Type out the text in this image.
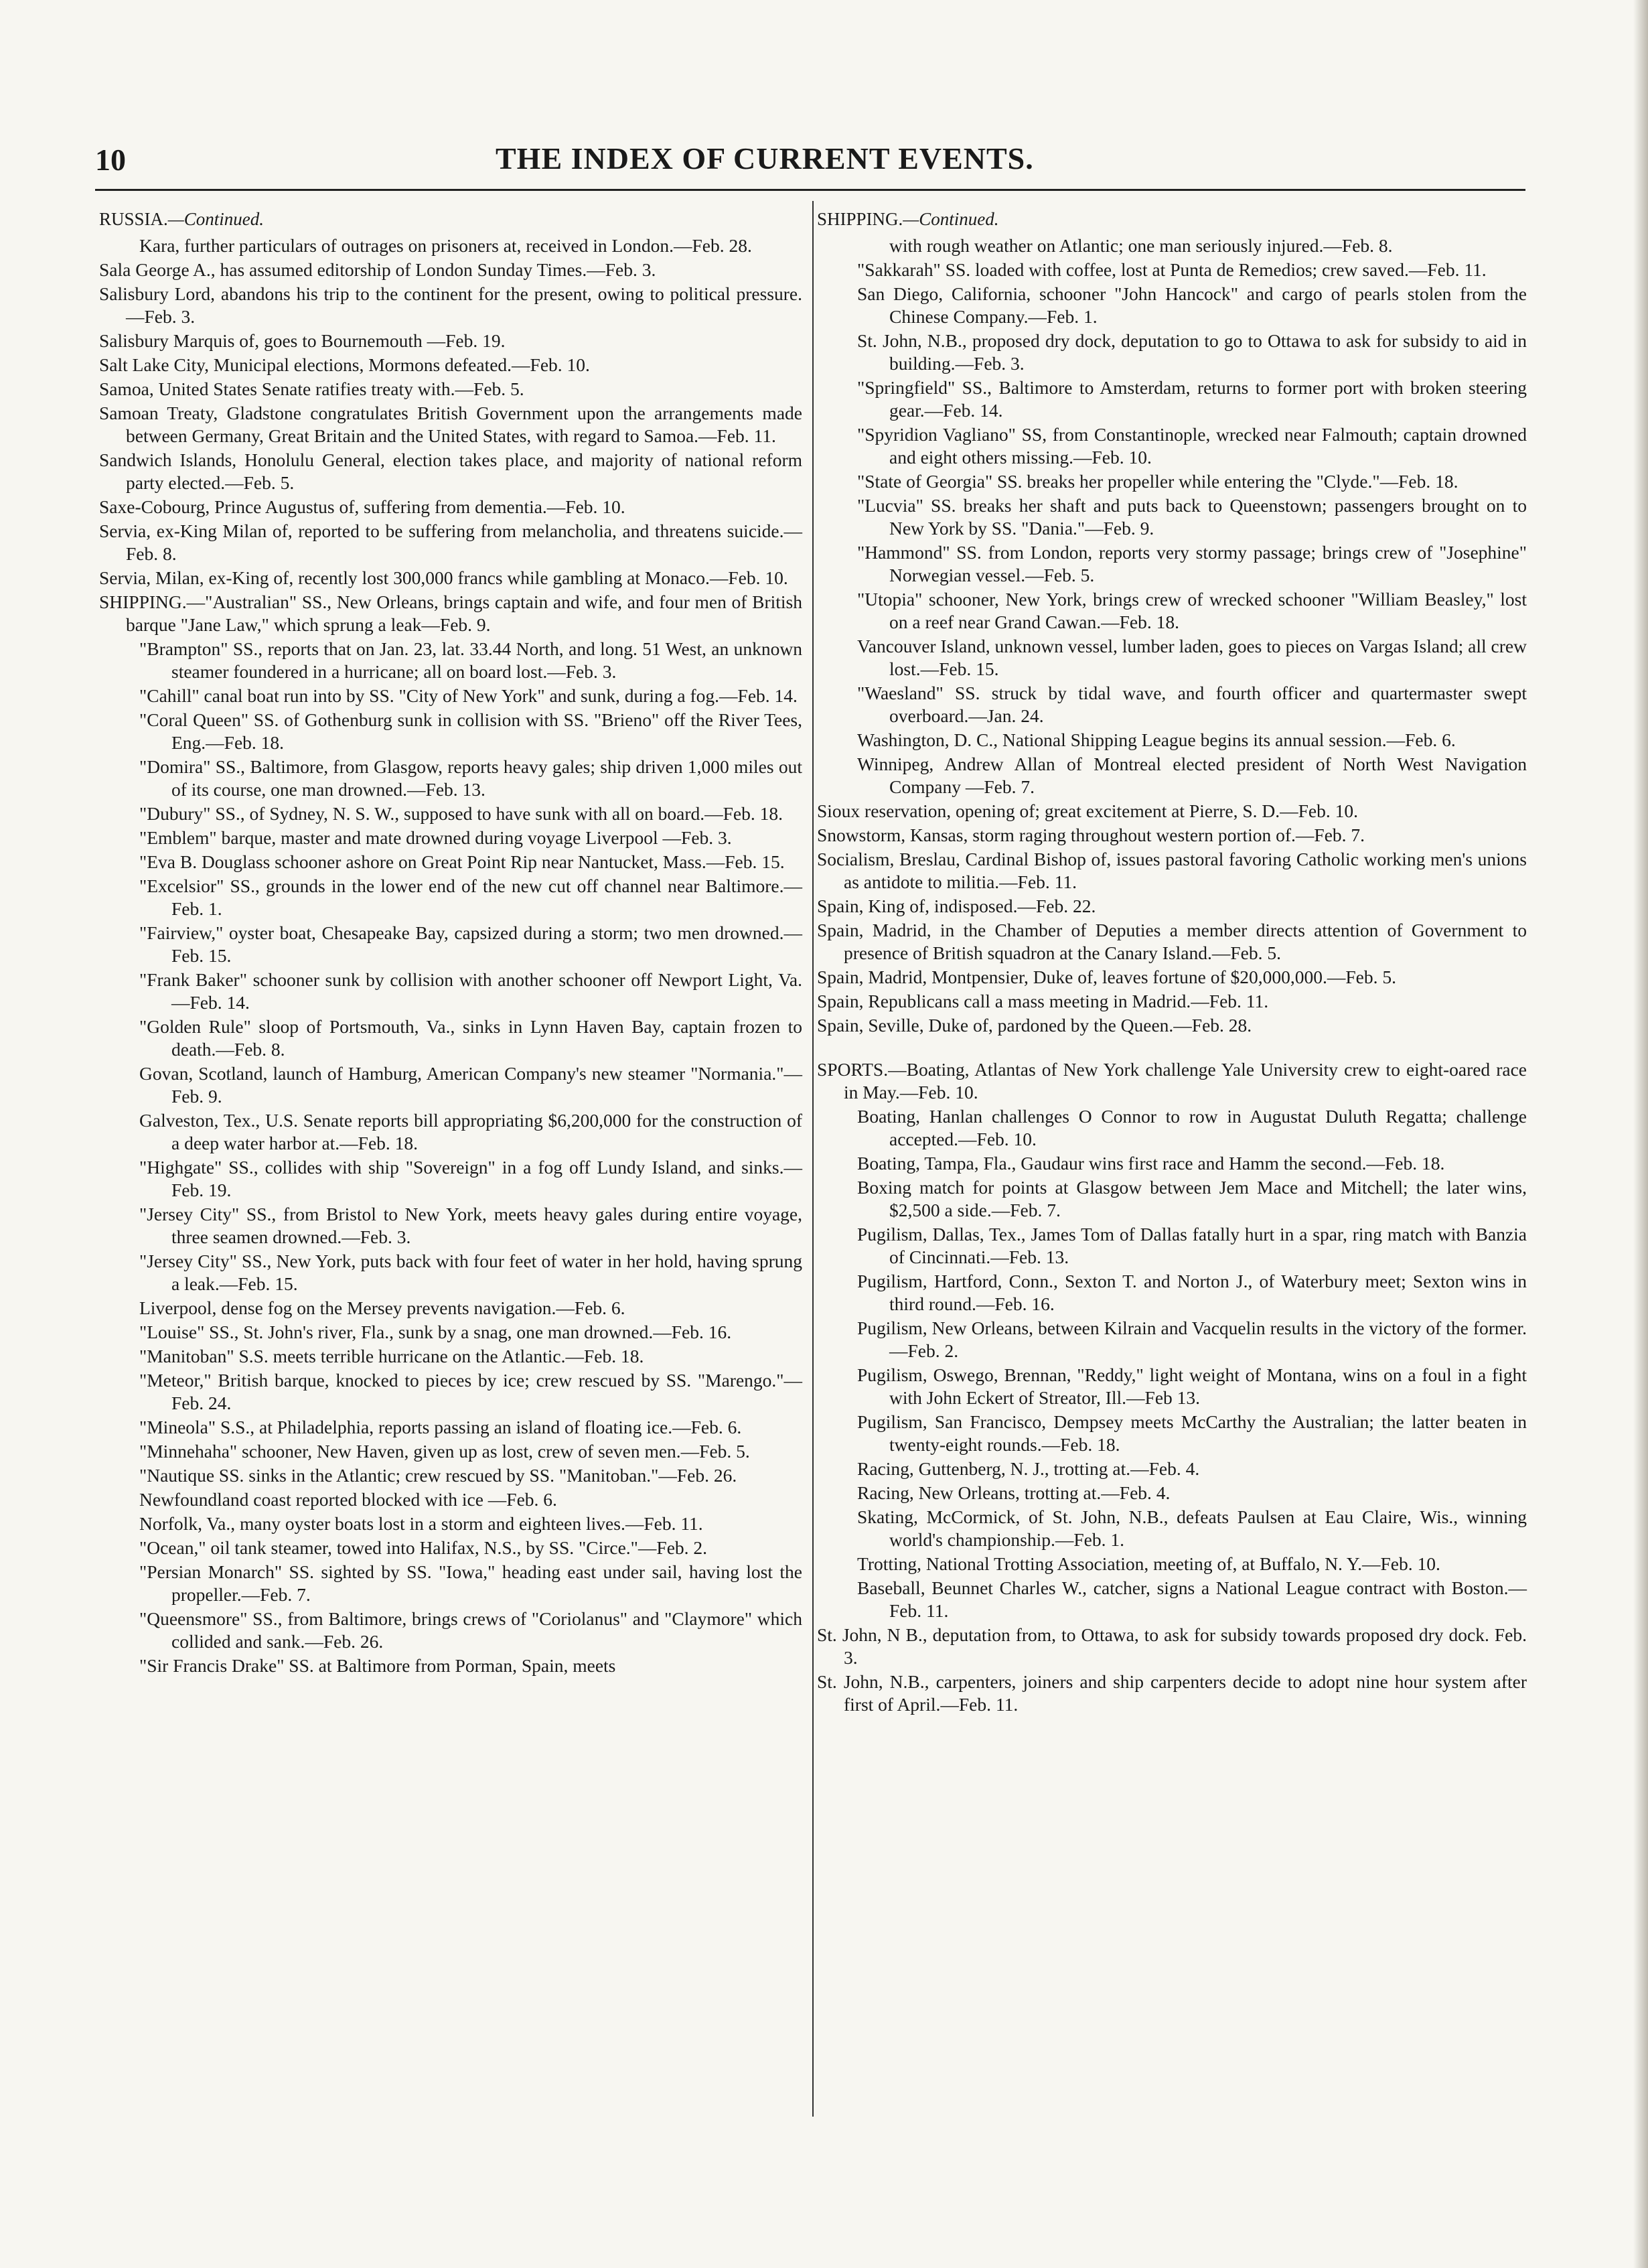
10	THE INDEX OF CURRENT EVENTS.
RUSSIA.—Continued.
Kara, further particulars of outrages on prisoners at, received in London.—Feb. 28.
Sala George A., has assumed editorship of London Sunday Times.—Feb. 3.
Salisbury Lord, abandons his trip to the continent for the present, owing to political pressure.—Feb. 3.
Salisbury Marquis of, goes to Bournemouth —Feb. 19.
Salt Lake City, Municipal elections, Mormons defeated.—Feb. 10.
Samoa, United States Senate ratifies treaty with.—Feb. 5.
Samoan Treaty, Gladstone congratulates British Government upon the arrangements made between Germany, Great Britain and the United States, with regard to Samoa.—Feb. 11.
Sandwich Islands, Honolulu General, election takes place, and majority of national reform party elected.—Feb. 5.
Saxe-Cobourg, Prince Augustus of, suffering from dementia.—Feb. 10.
Servia, ex-King Milan of, reported to be suffering from melancholia, and threatens suicide.—Feb. 8.
Servia, Milan, ex-King of, recently lost 300,000 francs while gambling at Monaco.—Feb. 10.
SHIPPING.—"Australian" SS., New Orleans, brings captain and wife, and four men of British barque "Jane Law," which sprung a leak—Feb. 9.
"Brampton" SS., reports that on Jan. 23, lat. 33.44 North, and long. 51 West, an unknown steamer foundered in a hurricane; all on board lost.—Feb. 3.
"Cahill" canal boat run into by SS. "City of New York" and sunk, during a fog.—Feb. 14.
"Coral Queen" SS. of Gothenburg sunk in collision with SS. "Brieno" off the River Tees, Eng.—Feb. 18.
"Domira" SS., Baltimore, from Glasgow, reports heavy gales; ship driven 1,000 miles out of its course, one man drowned.—Feb. 13.
"Dubury" SS., of Sydney, N. S. W., supposed to have sunk with all on board.—Feb. 18.
"Emblem" barque, master and mate drowned during voyage Liverpool —Feb. 3.
"Eva B. Douglass schooner ashore on Great Point Rip near Nantucket, Mass.—Feb. 15.
"Excelsior" SS., grounds in the lower end of the new cut off channel near Baltimore.—Feb. 1.
"Fairview," oyster boat, Chesapeake Bay, capsized during a storm; two men drowned.—Feb. 15.
"Frank Baker" schooner sunk by collision with another schooner off Newport Light, Va.—Feb. 14.
"Golden Rule" sloop of Portsmouth, Va., sinks in Lynn Haven Bay, captain frozen to death.—Feb. 8.
Govan, Scotland, launch of Hamburg, American Company's new steamer "Normania."—Feb. 9.
Galveston, Tex., U.S. Senate reports bill appropriating $6,200,000 for the construction of a deep water harbor at.—Feb. 18.
"Highgate" SS., collides with ship "Sovereign" in a fog off Lundy Island, and sinks.—Feb. 19.
"Jersey City" SS., from Bristol to New York, meets heavy gales during entire voyage, three seamen drowned.—Feb. 3.
"Jersey City" SS., New York, puts back with four feet of water in her hold, having sprung a leak.—Feb. 15.
Liverpool, dense fog on the Mersey prevents navigation.—Feb. 6.
"Louise" SS., St. John's river, Fla., sunk by a snag, one man drowned.—Feb. 16.
"Manitoban" S.S. meets terrible hurricane on the Atlantic.—Feb. 18.
"Meteor," British barque, knocked to pieces by ice; crew rescued by SS. "Marengo."—Feb. 24.
"Mineola" S.S., at Philadelphia, reports passing an island of floating ice.—Feb. 6.
"Minnehaha" schooner, New Haven, given up as lost, crew of seven men.—Feb. 5.
"Nautique SS. sinks in the Atlantic; crew rescued by SS. "Manitoban."—Feb. 26.
Newfoundland coast reported blocked with ice —Feb. 6.
Norfolk, Va., many oyster boats lost in a storm and eighteen lives.—Feb. 11.
"Ocean," oil tank steamer, towed into Halifax, N.S., by SS. "Circe."—Feb. 2.
"Persian Monarch" SS. sighted by SS. "Iowa," heading east under sail, having lost the propeller.—Feb. 7.
"Queensmore" SS., from Baltimore, brings crews of "Coriolanus" and "Claymore" which collided and sank.—Feb. 26.
"Sir Francis Drake" SS. at Baltimore from Porman, Spain, meets
SHIPPING.—Continued.
with rough weather on Atlantic; one man seriously injured.—Feb. 8.
"Sakkarah" SS. loaded with coffee, lost at Punta de Remedios; crew saved.—Feb. 11.
San Diego, California, schooner "John Hancock" and cargo of pearls stolen from the Chinese Company.—Feb. 1.
St. John, N.B., proposed dry dock, deputation to go to Ottawa to ask for subsidy to aid in building.—Feb. 3.
"Springfield" SS., Baltimore to Amsterdam, returns to former port with broken steering gear.—Feb. 14.
"Spyridion Vagliano" SS, from Constantinople, wrecked near Falmouth; captain drowned and eight others missing.—Feb. 10.
"State of Georgia" SS. breaks her propeller while entering the "Clyde."—Feb. 18.
"Lucvia" SS. breaks her shaft and puts back to Queenstown; passengers brought on to New York by SS. "Dania."—Feb. 9.
"Hammond" SS. from London, reports very stormy passage; brings crew of "Josephine" Norwegian vessel.—Feb. 5.
"Utopia" schooner, New York, brings crew of wrecked schooner "William Beasley," lost on a reef near Grand Cawan.—Feb. 18.
Vancouver Island, unknown vessel, lumber laden, goes to pieces on Vargas Island; all crew lost.—Feb. 15.
"Waesland" SS. struck by tidal wave, and fourth officer and quartermaster swept overboard.—Jan. 24.
Washington, D. C., National Shipping League begins its annual session.—Feb. 6.
Winnipeg, Andrew Allan of Montreal elected president of North West Navigation Company —Feb. 7.
Sioux reservation, opening of; great excitement at Pierre, S. D.—Feb. 10.
Snowstorm, Kansas, storm raging throughout western portion of.—Feb. 7.
Socialism, Breslau, Cardinal Bishop of, issues pastoral favoring Catholic working men's unions as antidote to militia.—Feb. 11.
Spain, King of, indisposed.—Feb. 22.
Spain, Madrid, in the Chamber of Deputies a member directs attention of Government to presence of British squadron at the Canary Island.—Feb. 5.
Spain, Madrid, Montpensier, Duke of, leaves fortune of $20,000,000.—Feb. 5.
Spain, Republicans call a mass meeting in Madrid.—Feb. 11.
Spain, Seville, Duke of, pardoned by the Queen.—Feb. 28.
SPORTS.—Boating, Atlantas of New York challenge Yale University crew to eight-oared race in May.—Feb. 10.
Boating, Hanlan challenges O Connor to row in Augustat Duluth Regatta; challenge accepted.—Feb. 10.
Boating, Tampa, Fla., Gaudaur wins first race and Hamm the second.—Feb. 18.
Boxing match for points at Glasgow between Jem Mace and Mitchell; the later wins, $2,500 a side.—Feb. 7.
Pugilism, Dallas, Tex., James Tom of Dallas fatally hurt in a spar, ring match with Banzia of Cincinnati.—Feb. 13.
Pugilism, Hartford, Conn., Sexton T. and Norton J., of Waterbury meet; Sexton wins in third round.—Feb. 16.
Pugilism, New Orleans, between Kilrain and Vacquelin results in the victory of the former.—Feb. 2.
Pugilism, Oswego, Brennan, "Reddy," light weight of Montana, wins on a foul in a fight with John Eckert of Streator, Ill.—Feb 13.
Pugilism, San Francisco, Dempsey meets McCarthy the Australian; the latter beaten in twenty-eight rounds.—Feb. 18.
Racing, Guttenberg, N. J., trotting at.—Feb. 4.
Racing, New Orleans, trotting at.—Feb. 4.
Skating, McCormick, of St. John, N.B., defeats Paulsen at Eau Claire, Wis., winning world's championship.—Feb. 1.
Trotting, National Trotting Association, meeting of, at Buffalo, N. Y.—Feb. 10.
Baseball, Beunnet Charles W., catcher, signs a National League contract with Boston.—Feb. 11.
St. John, N B., deputation from, to Ottawa, to ask for subsidy towards proposed dry dock. Feb. 3.
St. John, N.B., carpenters, joiners and ship carpenters decide to adopt nine hour system after first of April.—Feb. 11.
